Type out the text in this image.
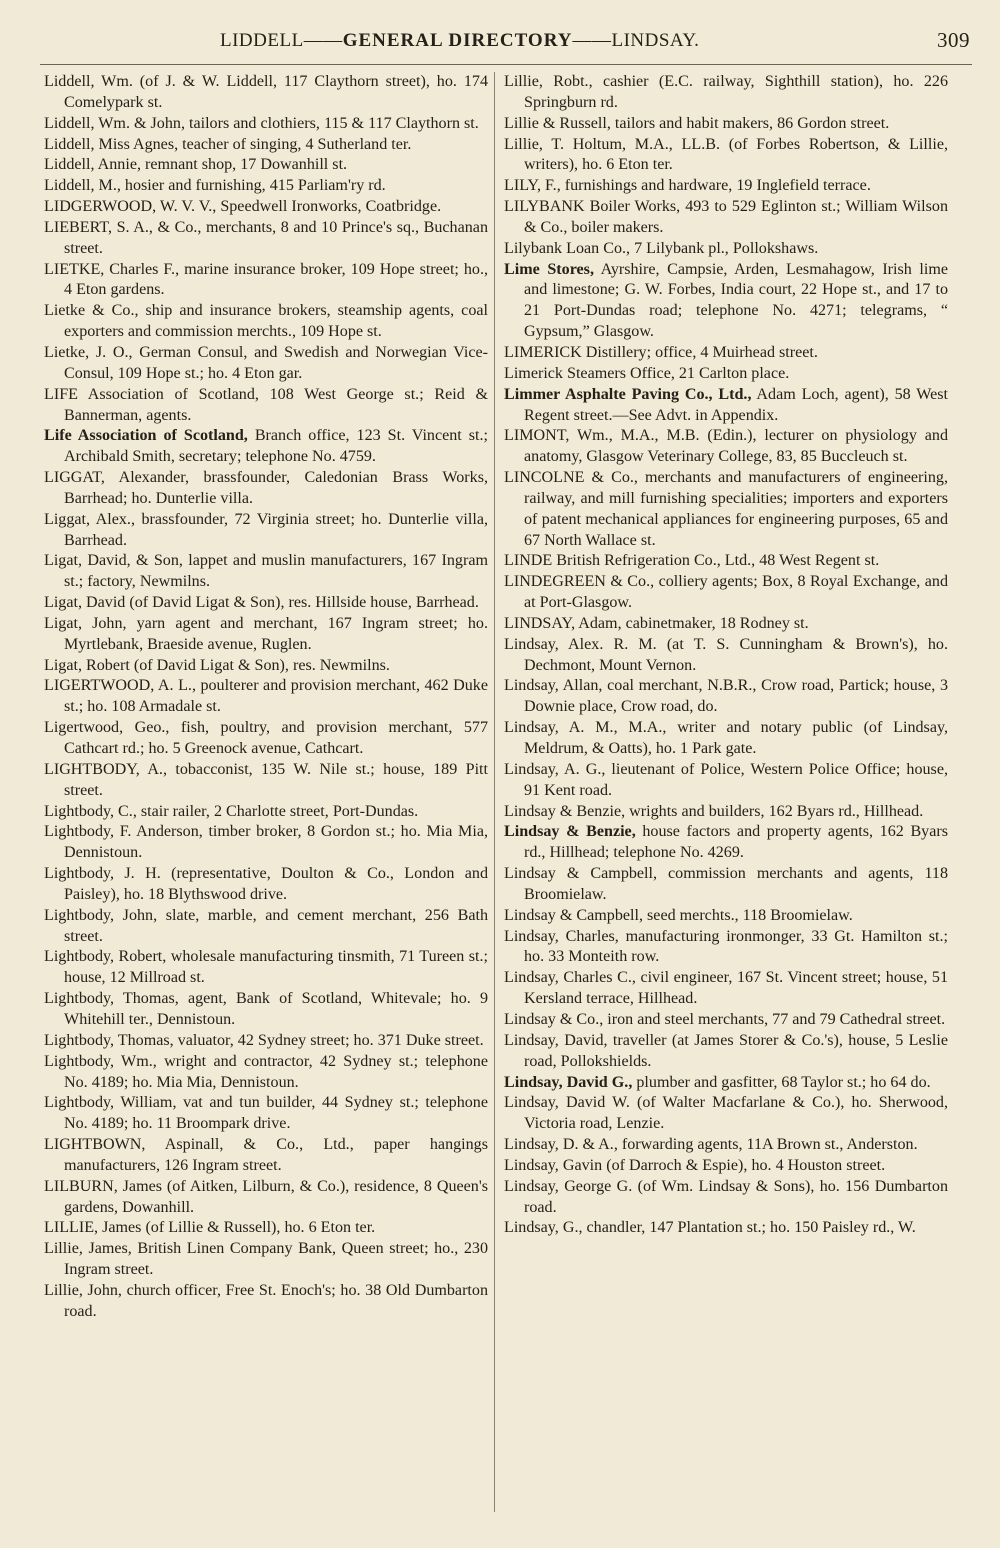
LIDDELL——GENERAL DIRECTORY——LINDSAY.	309

Liddell, Wm. (of J. & W. Liddell, 117 Claythorn street), ho. 174 Comelypark st.

Liddell, Wm. & John, tailors and clothiers, 115 & 117 Claythorn st.

Liddell, Miss Agnes, teacher of singing, 4 Sutherland ter.

Liddell, Annie, remnant shop, 17 Dowanhill st.

Liddell, M., hosier and furnishing, 415 Parliam'ry rd.

LIDGERWOOD, W. V. V., Speedwell Ironworks, Coatbridge.

LIEBERT, S. A., & Co., merchants, 8 and 10 Prince's sq., Buchanan street.

LIETKE, Charles F., marine insurance broker, 109 Hope street; ho., 4 Eton gardens.

Lietke & Co., ship and insurance brokers, steamship agents, coal exporters and commission merchts., 109 Hope st.

Lietke, J. O., German Consul, and Swedish and Norwegian Vice-Consul, 109 Hope st.; ho. 4 Eton gar.

LIFE Association of Scotland, 108 West George st.; Reid & Bannerman, agents.

Life Association of Scotland, Branch office, 123 St. Vincent st.; Archibald Smith, secretary; telephone No. 4759.

LIGGAT, Alexander, brassfounder, Caledonian Brass Works, Barrhead; ho. Dunterlie villa.

Liggat, Alex., brassfounder, 72 Virginia street; ho. Dunterlie villa, Barrhead.

Ligat, David, & Son, lappet and muslin manufacturers, 167 Ingram st.; factory, Newmilns.

Ligat, David (of David Ligat & Son), res. Hillside house, Barrhead.

Ligat, John, yarn agent and merchant, 167 Ingram street; ho. Myrtlebank, Braeside avenue, Ruglen.

Ligat, Robert (of David Ligat & Son), res. Newmilns.

LIGERTWOOD, A. L., poulterer and provision merchant, 462 Duke st.; ho. 108 Armadale st.

Ligertwood, Geo., fish, poultry, and provision merchant, 577 Cathcart rd.; ho. 5 Greenock avenue, Cathcart.

LIGHTBODY, A., tobacconist, 135 W. Nile st.; house, 189 Pitt street.

Lightbody, C., stair railer, 2 Charlotte street, Port-Dundas.

Lightbody, F. Anderson, timber broker, 8 Gordon st.; ho. Mia Mia, Dennistoun.

Lightbody, J. H. (representative, Doulton & Co., London and Paisley), ho. 18 Blythswood drive.

Lightbody, John, slate, marble, and cement merchant, 256 Bath street.

Lightbody, Robert, wholesale manufacturing tinsmith, 71 Tureen st.; house, 12 Millroad st.

Lightbody, Thomas, agent, Bank of Scotland, Whitevale; ho. 9 Whitehill ter., Dennistoun.

Lightbody, Thomas, valuator, 42 Sydney street; ho. 371 Duke street.

Lightbody, Wm., wright and contractor, 42 Sydney st.; telephone No. 4189; ho. Mia Mia, Dennistoun.

Lightbody, William, vat and tun builder, 44 Sydney st.; telephone No. 4189; ho. 11 Broompark drive.

LIGHTBOWN, Aspinall, & Co., Ltd., paper hangings manufacturers, 126 Ingram street.

LILBURN, James (of Aitken, Lilburn, & Co.), residence, 8 Queen's gardens, Dowanhill.

LILLIE, James (of Lillie & Russell), ho. 6 Eton ter.

Lillie, James, British Linen Company Bank, Queen street; ho., 230 Ingram street.

Lillie, John, church officer, Free St. Enoch's; ho. 38 Old Dumbarton road.

Lillie, Robt., cashier (E.C. railway, Sighthill station), ho. 226 Springburn rd.

Lillie & Russell, tailors and habit makers, 86 Gordon street.

Lillie, T. Holtum, M.A., LL.B. (of Forbes Robertson, & Lillie, writers), ho. 6 Eton ter.

LILY, F., furnishings and hardware, 19 Inglefield terrace.

LILYBANK Boiler Works, 493 to 529 Eglinton st.; William Wilson & Co., boiler makers.

Lilybank Loan Co., 7 Lilybank pl., Pollokshaws.

Lime Stores, Ayrshire, Campsie, Arden, Lesmahagow, Irish lime and limestone; G. W. Forbes, India court, 22 Hope st., and 17 to 21 Port-Dundas road; telephone No. 4271; telegrams, “ Gypsum,” Glasgow.

LIMERICK Distillery; office, 4 Muirhead street.

Limerick Steamers Office, 21 Carlton place.

Limmer Asphalte Paving Co., Ltd., Adam Loch, agent), 58 West Regent street.—See Advt. in Appendix.

LIMONT, Wm., M.A., M.B. (Edin.), lecturer on physiology and anatomy, Glasgow Veterinary College, 83, 85 Buccleuch st.

LINCOLNE & Co., merchants and manufacturers of engineering, railway, and mill furnishing specialities; importers and exporters of patent mechanical appliances for engineering purposes, 65 and 67 North Wallace st.

LINDE British Refrigeration Co., Ltd., 48 West Regent st.

LINDEGREEN & Co., colliery agents; Box, 8 Royal Exchange, and at Port-Glasgow.

LINDSAY, Adam, cabinetmaker, 18 Rodney st.

Lindsay, Alex. R. M. (at T. S. Cunningham & Brown's), ho. Dechmont, Mount Vernon.

Lindsay, Allan, coal merchant, N.B.R., Crow road, Partick; house, 3 Downie place, Crow road, do.

Lindsay, A. M., M.A., writer and notary public (of Lindsay, Meldrum, & Oatts), ho. 1 Park gate.

Lindsay, A. G., lieutenant of Police, Western Police Office; house, 91 Kent road.

Lindsay & Benzie, wrights and builders, 162 Byars rd., Hillhead.

Lindsay & Benzie, house factors and property agents, 162 Byars rd., Hillhead; telephone No. 4269.

Lindsay & Campbell, commission merchants and agents, 118 Broomielaw.

Lindsay & Campbell, seed merchts., 118 Broomielaw.

Lindsay, Charles, manufacturing ironmonger, 33 Gt. Hamilton st.; ho. 33 Monteith row.

Lindsay, Charles C., civil engineer, 167 St. Vincent street; house, 51 Kersland terrace, Hillhead.

Lindsay & Co., iron and steel merchants, 77 and 79 Cathedral street.

Lindsay, David, traveller (at James Storer & Co.'s), house, 5 Leslie road, Pollokshields.

Lindsay, David G., plumber and gasfitter, 68 Taylor st.; ho 64 do.

Lindsay, David W. (of Walter Macfarlane & Co.), ho. Sherwood, Victoria road, Lenzie.

Lindsay, D. & A., forwarding agents, 11A Brown st., Anderston.

Lindsay, Gavin (of Darroch & Espie), ho. 4 Houston street.

Lindsay, George G. (of Wm. Lindsay & Sons), ho. 156 Dumbarton road.

Lindsay, G., chandler, 147 Plantation st.; ho. 150 Paisley rd., W.
